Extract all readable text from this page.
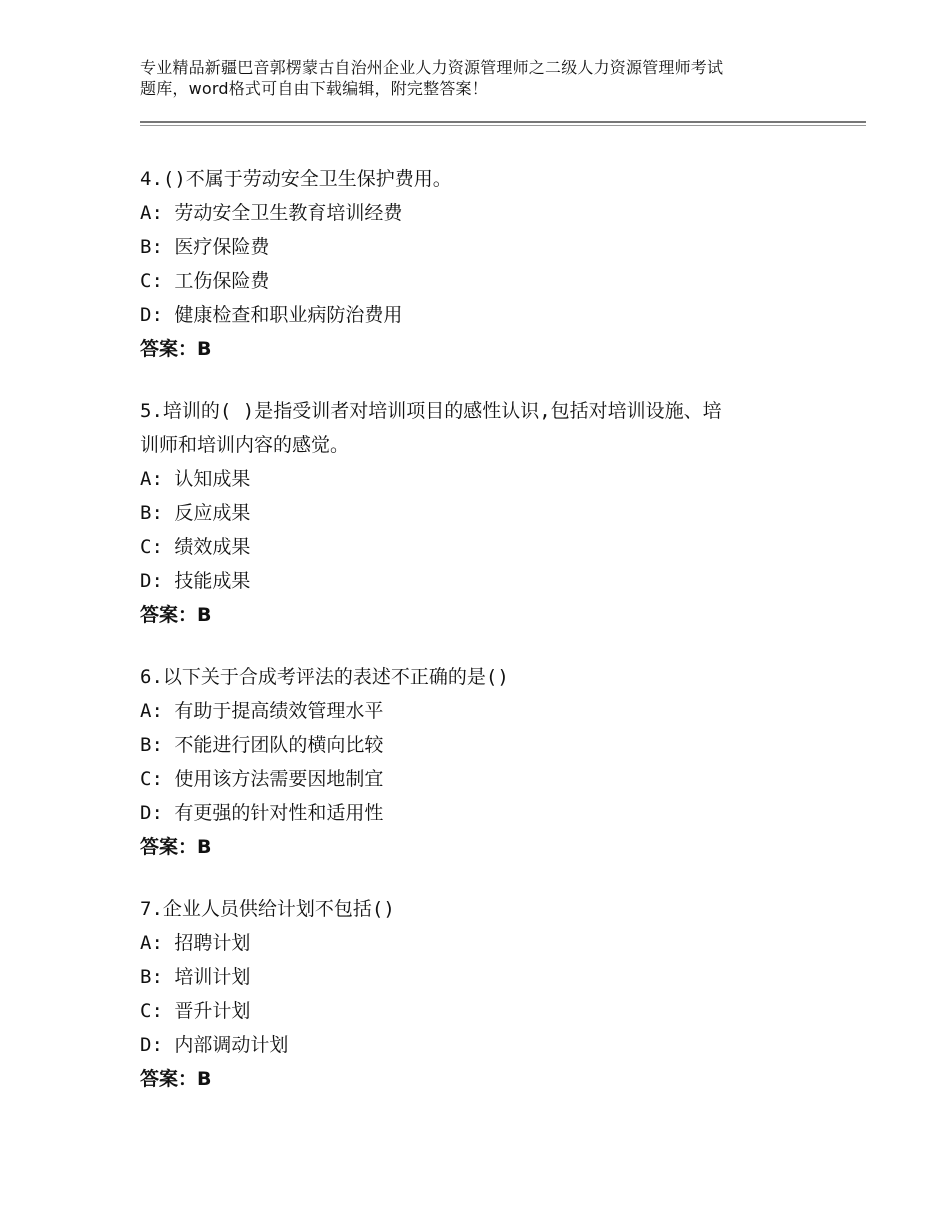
专业精品新疆巴音郭楞蒙古自治州企业人力资源管理师之二级人力资源管理师考试
题库，word格式可自由下载编辑，附完整答案！
4.()不属于劳动安全卫生保护费用。
A: 劳动安全卫生教育培训经费
B: 医疗保险费
C: 工伤保险费
D: 健康检查和职业病防治费用
答案：B
5.培训的( )是指受训者对培训项目的感性认识,包括对培训设施、培
训师和培训内容的感觉。
A: 认知成果
B: 反应成果
C: 绩效成果
D: 技能成果
答案：B
6.以下关于合成考评法的表述不正确的是()
A: 有助于提高绩效管理水平
B: 不能进行团队的横向比较
C: 使用该方法需要因地制宜
D: 有更强的针对性和适用性
答案：B
7.企业人员供给计划不包括()
A: 招聘计划
B: 培训计划
C: 晋升计划
D: 内部调动计划
答案：B
